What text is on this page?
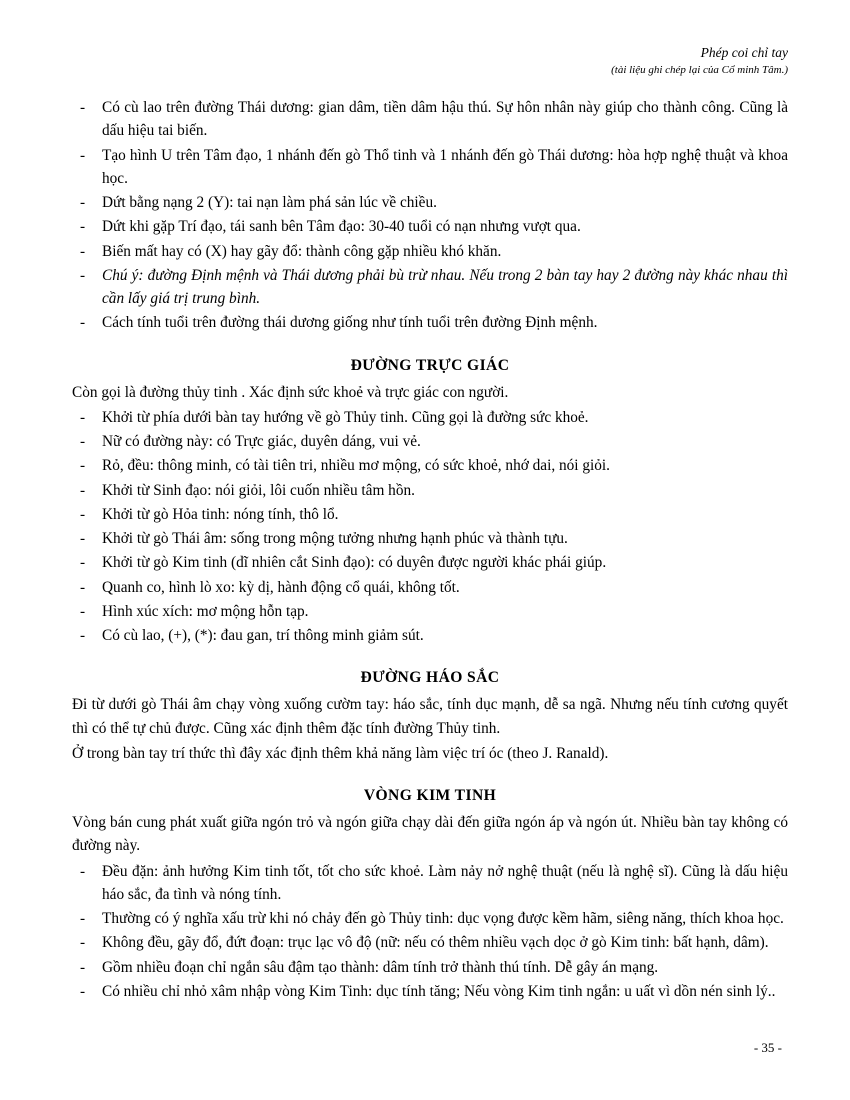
Phép coi chỉ tay
(tài liệu ghi chép lại của Cổ minh Tâm.)
- Có cù lao trên đường Thái dương: gian dâm, tiền dâm hậu thú. Sự hôn nhân này giúp cho thành công. Cũng là dấu hiệu tai biến.
- Tạo hình U trên Tâm đạo, 1 nhánh đến gò Thổ tinh và 1 nhánh đến gò Thái dương: hòa hợp nghệ thuật và khoa học.
- Dứt bằng nạng 2 (Y): tai nạn làm phá sản lúc về chiều.
- Dứt khi gặp Trí đạo, tái sanh bên Tâm đạo: 30-40 tuổi có nạn nhưng vượt qua.
- Biến mất hay có (X) hay gãy đổ: thành công gặp nhiều khó khăn.
- Chú ý: đường Định mệnh và Thái dương phải bù trừ nhau. Nếu trong 2 bàn tay hay 2 đường này khác nhau thì cần lấy giá trị trung bình.
- Cách tính tuổi trên đường thái dương giống như tính tuổi trên đường Định mệnh.
ĐƯỜNG TRỰC GIÁC

Còn gọi là đường thủy tinh . Xác định sức khoẻ và trực giác con người.

- Khởi từ phía dưới bàn tay hướng về gò Thủy tinh. Cũng gọi là đường sức khoẻ.
- Nữ có đường này: có Trực giác, duyên dáng, vui vẻ.
- Rỏ, đều: thông minh, có tài tiên tri, nhiều mơ mộng, có sức khoẻ, nhớ dai, nói giỏi.
- Khởi từ Sinh đạo: nói giỏi, lôi cuốn nhiều tâm hồn.
- Khởi từ gò Hỏa tinh: nóng tính, thô lổ.
- Khởi từ gò Thái âm: sống trong mộng tưởng nhưng hạnh phúc và thành tựu.
- Khởi từ gò Kim tinh (dĩ nhiên cắt Sinh đạo): có duyên được người khác phái giúp.
- Quanh co, hình lò xo: kỳ dị, hành động cổ quái, không tốt.
- Hình xúc xích: mơ mộng hỗn tạp.
- Có cù lao, (+), (*): đau gan, trí thông minh giảm sút.
ĐƯỜNG HÁO SẮC

Đi từ dưới gò Thái âm chạy vòng xuống cườm tay: háo sắc, tính dục mạnh, dễ sa ngã. Nhưng nếu tính cương quyết thì có thể tự chủ được. Cũng xác định thêm đặc tính đường Thủy tinh.

Ở trong bàn tay trí thức thì đây xác định thêm khả năng làm việc trí óc (theo J. Ranald).

VÒNG KIM TINH

Vòng bán cung phát xuất giữa ngón trỏ và ngón giữa chạy dài đến giữa ngón áp và ngón út. Nhiều bàn tay không có đường này.

- Đều đặn: ảnh hưởng Kim tinh tốt, tốt cho sức khoẻ. Làm nảy nở nghệ thuật (nếu là nghệ sĩ). Cũng là dấu hiệu háo sắc, đa tình và nóng tính.
- Thường có ý nghĩa xấu trừ khi nó chảy đến gò Thủy tinh: dục vọng được kềm hãm, siêng năng, thích khoa học.
- Không đều, gãy đổ, đứt đoạn: trục lạc vô độ (nữ: nếu có thêm nhiều vạch dọc ở gò Kim tinh: bất hạnh, dâm).
- Gồm nhiều đoạn chỉ ngắn sâu đậm tạo thành: dâm tính trở thành thú tính. Dễ gây án mạng.
- Có nhiều chỉ nhỏ xâm nhập vòng Kim Tinh: dục tính tăng; Nếu vòng Kim tinh ngắn: u uất vì dồn nén sinh lý..
- 35 -
